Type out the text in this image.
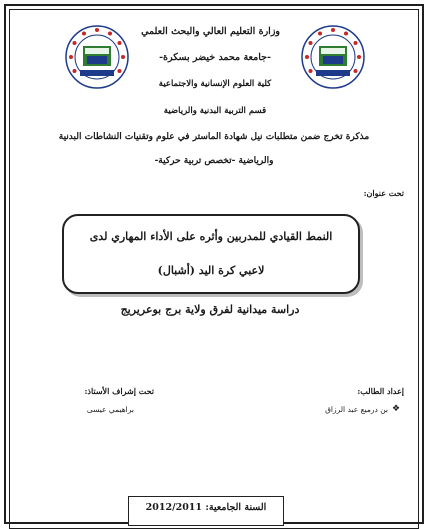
وزارة التعليم العالي والبحث العلمي
-جامعة محمد خيضر بسكرة-
كلية العلوم الإنسانية والاجتماعية
قسم التربية البدنية والرياضية
مذكرة تخرج ضمن متطلبات نيل شهادة الماستر في علوم وتقنيات النشاطات البدنية
والرياضية -تخصص تربية حركية-
تحت عنوان:
النمط القيادي للمدربين وأثره على الأداء المهاري لدى
لاعبي كرة اليد (أشبال)
دراسة ميدانية لفرق ولاية برج بوعريريج
إعداد الطالب:
تحت إشراف الأستاذ:
❖
بن درميع عبد الرزاق
براهيمي عيسى
السنة الجامعية: 2012/2011
